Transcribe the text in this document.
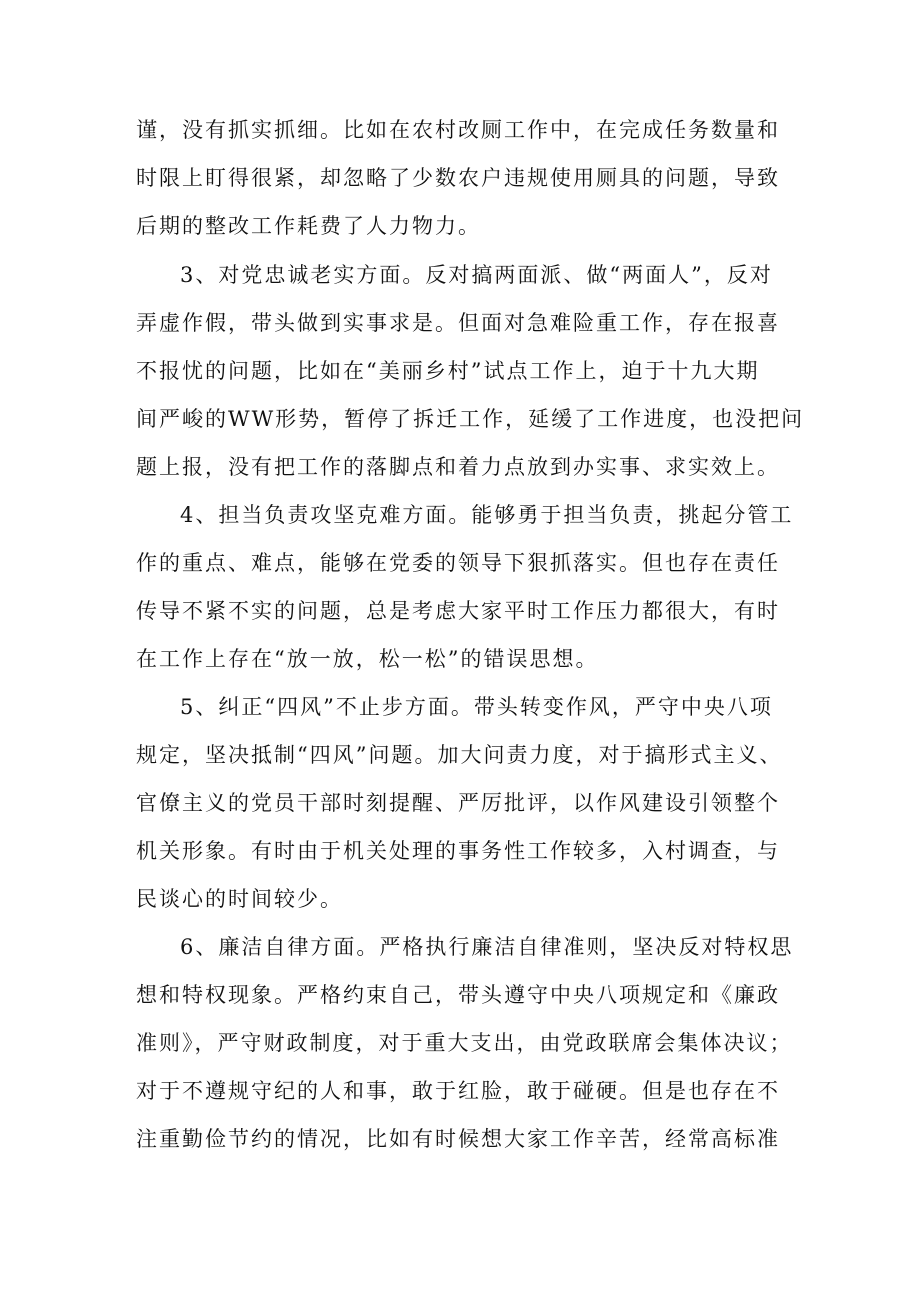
谨，没有抓实抓细。比如在农村改厕工作中，在完成任务数量和
时限上盯得很紧，却忽略了少数农户违规使用厕具的问题，导致
后期的整改工作耗费了人力物力。
3、对党忠诚老实方面。反对搞两面派、做“两面人”，反对
弄虚作假，带头做到实事求是。但面对急难险重工作，存在报喜
不报忧的问题，比如在“美丽乡村”试点工作上，迫于十九大期
间严峻的WW形势，暂停了拆迁工作，延缓了工作进度，也没把问
题上报，没有把工作的落脚点和着力点放到办实事、求实效上。
4、担当负责攻坚克难方面。能够勇于担当负责，挑起分管工
作的重点、难点，能够在党委的领导下狠抓落实。但也存在责任
传导不紧不实的问题，总是考虑大家平时工作压力都很大，有时
在工作上存在“放一放，松一松”的错误思想。
5、纠正“四风”不止步方面。带头转变作风，严守中央八项
规定，坚决抵制“四风”问题。加大问责力度，对于搞形式主义、
官僚主义的党员干部时刻提醒、严厉批评，以作风建设引领整个
机关形象。有时由于机关处理的事务性工作较多，入村调查，与
民谈心的时间较少。
6、廉洁自律方面。严格执行廉洁自律准则，坚决反对特权思
想和特权现象。严格约束自己，带头遵守中央八项规定和《廉政
准则》，严守财政制度，对于重大支出，由党政联席会集体决议；
对于不遵规守纪的人和事，敢于红脸，敢于碰硬。但是也存在不
注重勤俭节约的情况，比如有时候想大家工作辛苦，经常高标准
